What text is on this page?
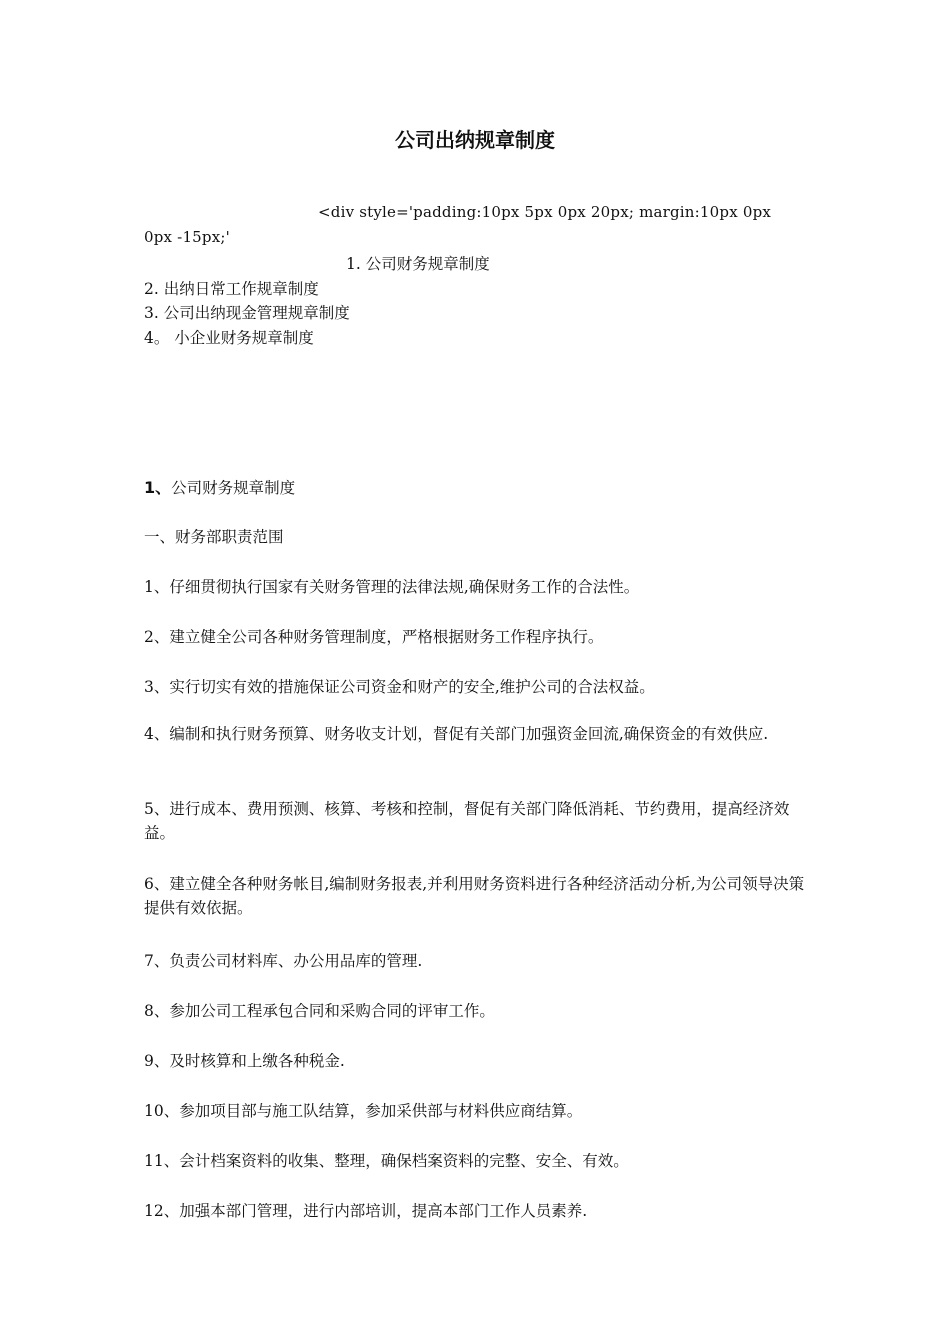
公司出纳规章制度
<div style='padding:10px 5px 0px 20px; margin:10px 0px
0px -15px;'
1. 公司财务规章制度
2. 出纳日常工作规章制度
3. 公司出纳现金管理规章制度
4。 小企业财务规章制度
1、公司财务规章制度
一、财务部职责范围
1、仔细贯彻执行国家有关财务管理的法律法规,确保财务工作的合法性。
2、建立健全公司各种财务管理制度，严格根据财务工作程序执行。
3、实行切实有效的措施保证公司资金和财产的安全,维护公司的合法权益。
4、编制和执行财务预算、财务收支计划，督促有关部门加强资金回流,确保资金的有效供应.
5、进行成本、费用预测、核算、考核和控制，督促有关部门降低消耗、节约费用，提高经济效益。
6、建立健全各种财务帐目,编制财务报表,并利用财务资料进行各种经济活动分析,为公司领导决策提供有效依据。
7、负责公司材料库、办公用品库的管理.
8、参加公司工程承包合同和采购合同的评审工作。
9、及时核算和上缴各种税金.
10、参加项目部与施工队结算，参加采供部与材料供应商结算。
11、会计档案资料的收集、整理，确保档案资料的完整、安全、有效。
12、加强本部门管理，进行内部培训，提高本部门工作人员素养.
